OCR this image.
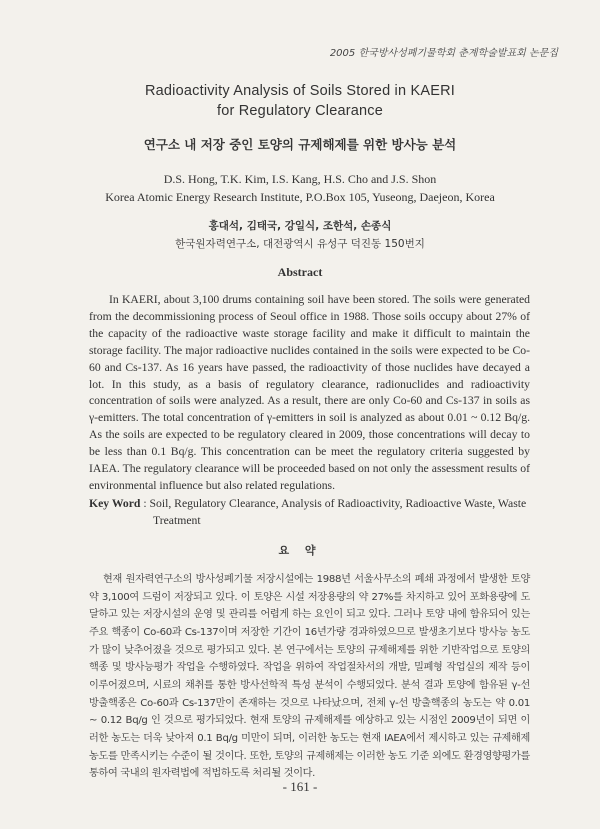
2005 한국방사성폐기물학회 춘계학술발표회 논문집
Radioactivity Analysis of Soils Stored in KAERI
for Regulatory Clearance
연구소 내 저장 중인 토양의 규제해제를 위한 방사능 분석
D.S. Hong, T.K. Kim, I.S. Kang, H.S. Cho and J.S. Shon
Korea Atomic Energy Research Institute, P.O.Box 105, Yuseong, Daejeon, Korea
홍대석, 김태국, 강일식, 조한석, 손종식
한국원자력연구소, 대전광역시 유성구 덕진동 150번지
Abstract

In KAERI, about 3,100 drums containing soil have been stored. The soils were generated from the decommissioning process of Seoul office in 1988. Those soils occupy about 27% of the capacity of the radioactive waste storage facility and make it difficult to maintain the storage facility. The major radioactive nuclides contained in the soils were expected to be Co-60 and Cs-137. As 16 years have passed, the radioactivity of those nuclides have decayed a lot. In this study, as a basis of regulatory clearance, radionuclides and radioactivity concentration of soils were analyzed. As a result, there are only Co-60 and Cs-137 in soils as γ-emitters. The total concentration of γ-emitters in soil is analyzed as about 0.01 ~ 0.12 Bq/g. As the soils are expected to be regulatory cleared in 2009, those concentrations will decay to be less than 0.1 Bq/g. This concentration can be meet the regulatory criteria suggested by IAEA. The regulatory clearance will be proceeded based on not only the assessment results of environmental influence but also related regulations.

Key Word : Soil, Regulatory Clearance, Analysis of Radioactivity, Radioactive Waste, Waste Treatment
요 약

현재 원자력연구소의 방사성폐기물 저장시설에는 1988년 서울사무소의 폐쇄 과정에서 발생한 토양 약 3,100여 드럼이 저장되고 있다. 이 토양은 시설 저장용량의 약 27%를 차지하고 있어 포화용량에 도달하고 있는 저장시설의 운영 및 관리를 어렵게 하는 요인이 되고 있다. 그러나 토양 내에 함유되어 있는 주요 핵종이 Co-60과 Cs-137이며 저장한 기간이 16년가량 경과하였으므로 발생초기보다 방사능 농도가 많이 낮추어졌을 것으로 평가되고 있다. 본 연구에서는 토양의 규제해제를 위한 기반작업으로 토양의 핵종 및 방사능평가 작업을 수행하였다. 작업을 위하여 작업절차서의 개발, 밀폐형 작업실의 제작 등이 이루어졌으며, 시료의 채취를 통한 방사선학적 특성 분석이 수행되었다. 분석 결과 토양에 함유된 γ-선 방출핵종은 Co-60과 Cs-137만이 존재하는 것으로 나타났으며, 전체 γ-선 방출핵종의 농도는 약 0.01 ~ 0.12 Bq/g 인 것으로 평가되었다. 현재 토양의 규제해제를 예상하고 있는 시점인 2009년이 되면 이러한 농도는 더욱 낮아져 0.1 Bq/g 미만이 되며, 이러한 농도는 현재 IAEA에서 제시하고 있는 규제해제 농도를 만족시키는 수준이 될 것이다. 또한, 토양의 규제해제는 이러한 농도 기준 외에도 환경영향평가를 통하여 국내의 원자력법에 적법하도록 처리될 것이다.

- 161 -
